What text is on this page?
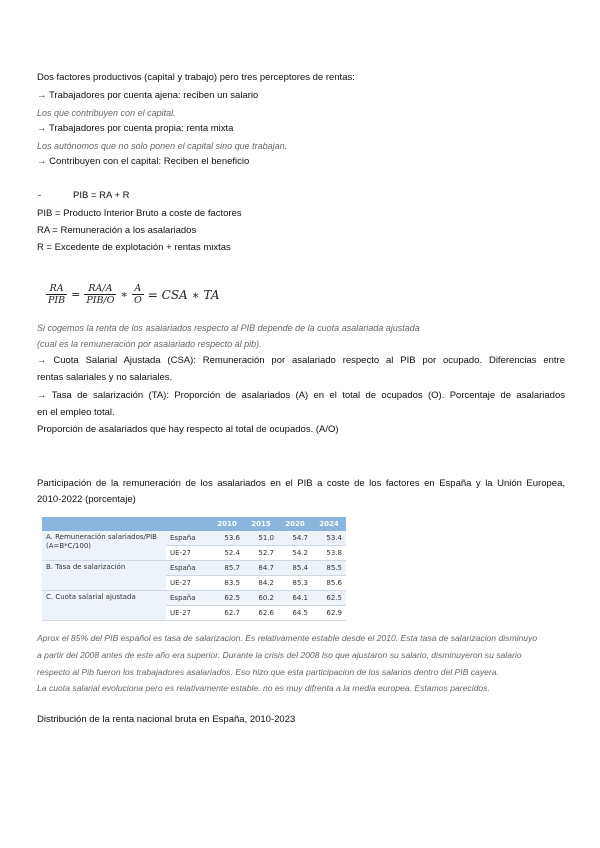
Dos factores productivos (capital y trabajo) pero tres perceptores de rentas:
→ Trabajadores por cuenta ajena: reciben un salario
Los que contribuyen con el capital.
→ Trabajadores por cuenta propia: renta mixta
Los autónomos que no solo ponen el capital sino que trabajan.
→ Contribuyen con el capital: Reciben el beneficio
-	PIB = RA + R
PIB = Producto Interior Bruto a coste de factores
RA = Remuneración a los asalariados
R = Excedente de explotación + rentas mixtas
$\frac{RA}{\text{PIB}} = \frac{RA/A}{\text{PIB/O}}$ ∗ $\frac{A}{O}$ = CSA ∗ TA
Si cogemos la renta de los asalariados respecto al PIB depende de la cuota asalariada ajustada
(cual es la remuneración por asalariado respecto al pib).
→ Cuota Salarial Ajustada (CSA): Remuneración por asalariado respecto al PIB por ocupado. Diferencias entre
rentas salariales y no salariales.
→ Tasa de salarización (TA): Proporción de asalariados (A) en el total de ocupados (O). Porcentaje de asalariados
en el empleo total.
Proporción de asalariados que hay respecto al total de ocupados. (A/O)
Participación de la remuneración de los asalariados en el PIB a coste de los factores en España y la Unión Europea,
2010-2022 (porcentaje)
		2010	2015	2020	2024
A. Remuneración salariados/PIB (A=B*C/100)	España	53.6	51.0	54.7	53.4
	UE-27	52.4	52.7	54.2	53.8
B. Tasa de salarización	España	85.7	84.7	85.4	85.5
	UE-27	83.5	84.2	85.3	85.6
C. Cuota salarial ajustada	España	62.5	60.2	64.1	62.5
	UE-27	62.7	62.6	64.5	62.9
Aprox el 85% del PIB español es tasa de salarizacion. Es relativamente estable desde el 2010. Esta tasa de salarizacion disminuyo
a partir del 2008 antes de este año era superior. Durante la crisis del 2008 lso que ajustaron su salario, disminuyeron su salario
respecto al Pib fueron los trabajadores asalariados. Eso hizo que esta participacion de los salarios dentro del PIB cayera.
La cuota salarial evoluciona pero es relativamente estable. no es muy difrenta a la media europea. Estamos parecidos.
Distribución de la renta nacional bruta en España, 2010-2023
